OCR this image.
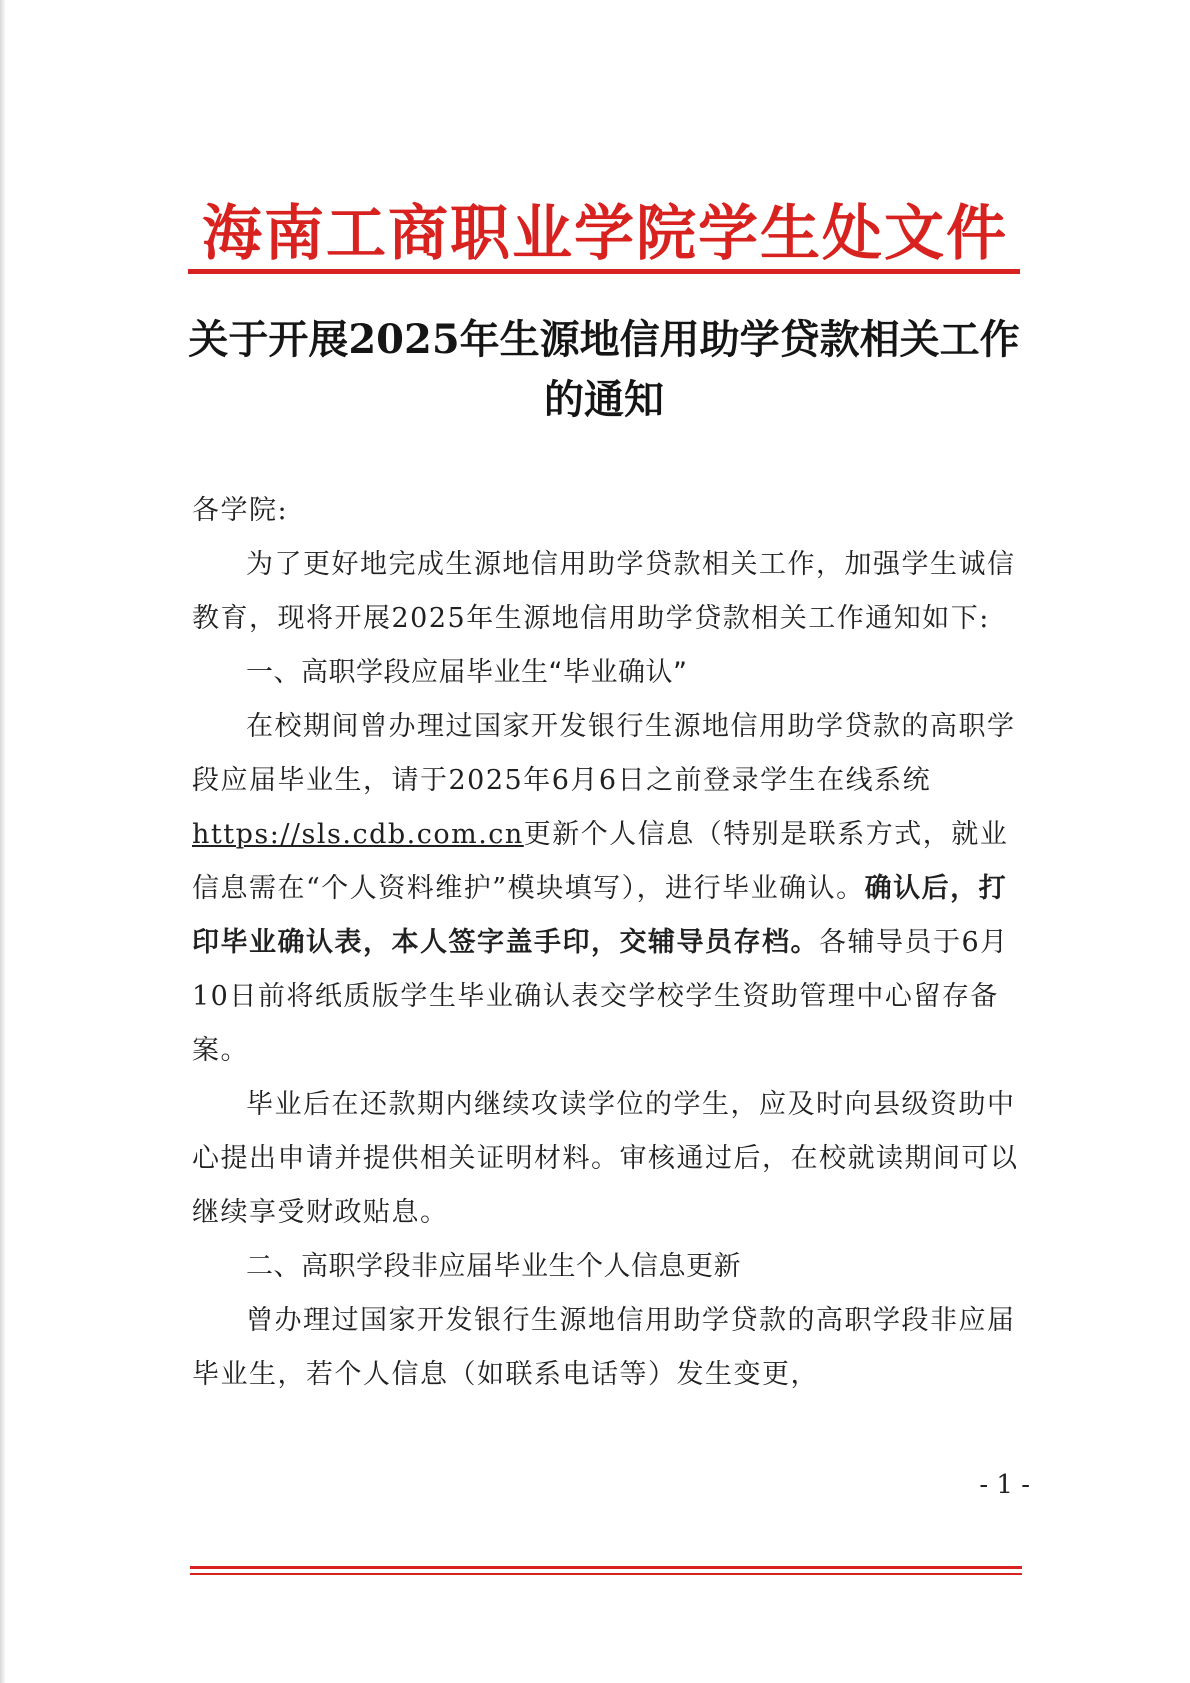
海南工商职业学院学生处文件
关于开展2025年生源地信用助学贷款相关工作
的通知

各学院:

为了更好地完成生源地信用助学贷款相关工作，加强学生诚信教育，现将开展2025年生源地信用助学贷款相关工作通知如下:

一、高职学段应届毕业生“毕业确认”

在校期间曾办理过国家开发银行生源地信用助学贷款的高职学段应届毕业生，请于2025年6月6日之前登录学生在线系统https://sls.cdb.com.cn更新个人信息（特别是联系方式，就业信息需在“个人资料维护”模块填写），进行毕业确认。确认后，打印毕业确认表，本人签字盖手印，交辅导员存档。各辅导员于6月10日前将纸质版学生毕业确认表交学校学生资助管理中心留存备案。

毕业后在还款期内继续攻读学位的学生，应及时向县级资助中心提出申请并提供相关证明材料。审核通过后，在校就读期间可以继续享受财政贴息。

二、高职学段非应届毕业生个人信息更新

曾办理过国家开发银行生源地信用助学贷款的高职学段非应届毕业生，若个人信息（如联系电话等）发生变更，

- 1 -
